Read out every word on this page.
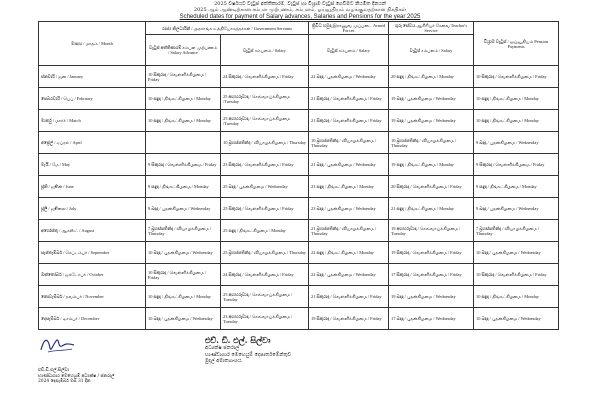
2025 වර්ෂයට වැටුප් අත්තිකාරම්, වැටුප් හා විශ්‍රාම වැටුප් ගෙවීමට නියමිත දිනයන්
2025 ஆம் ஆண்டிற்கான சம்பள முற்பணம், சம்பளம், ஓய்வூதியம் வழங்குவதற்கான திகதிகள்
Scheduled dates for payment of Salary advances, Salaries and Pensions for the year 2025
මාසය / மாதம் / Month	රාජ්‍ය නිලධාරීන් / அரசாங்க உத்தியோகத்தர்கள் / Government Servants		ත්‍රිවිධ හමුදා இராணுவ முப்படை Armed Forces	ගුරු සේවය ஆசிரியர் சேவை Teacher's Service	විශ්‍රාම වැටුප් / ஓய்வூதியம் Pension Payments
	වැටුප් අත්තිකාරම් சம்பள முற்பணம் / Salary Advance	වැටුප් சம்பளம் / Salary	වැටුප් சம்பளம் / Salary	වැටුප් சம்பளம் / Salary	
ජනවාරි / ஜன / January	10 සිකුරාදා / வெள்ளிக்கிழமை / Friday	24 සිකුරාදා / வெள்ளிக்கிழமை / Friday	22 බදාදා / புதன்கிழமை / Wednesday	20 සඳුදා / திங்கட்கிழமை / Monday	10 සිකුරාදා / வெள்ளிக்கிழமை / Friday
පෙබරවාරි / பெப் / February	10 සඳුදා / திங்கட்கிழமை / Monday	25 අඟහරුවාදා / செவ்வாய்க்கிழமை /Tuesday	21 සිකුරාදා / வெள்ளிக்கிழமை / Friday	19 බදාදා / புதன்கிழமை / Wednesday	10 සඳුදා / திங்கட்கிழமை / Monday
මාර්තු / மார்ச் / March	10 සඳුදා / திங்கட்கிழமை / Monday	25 අඟහරුවාදා / செவ்வாய்க்கிழமை /Tuesday	21 සිකුරාදා / வெள்ளிக்கிழமை / Friday	19 බදාදා / புதன்கிழமை / Wednesday	10 සඳුදා / திங்கட்கிழமை / Monday
අප්‍රේල් / ஏப்ரல் / April		10 බ්‍රහස්පතින්දා / வியாழக்கிழமை / Thursday	10 බ්‍රහස්පතින්දා / வியாழக்கிழமை / Thursday	10 බ්‍රහස්පතින්දා / வியாழக்கிழமை / Thursday	9 බදාදා / புதன்கிழமை / Wednesday
මැයි / மே / May	9 සිකුරාදා / வெள்ளிக்கிழமை / Friday	23 සිකුරාදා / வெள்ளிக்கிழமை / Friday	21 බදාදා / புதன்கிழமை / Wednesday	19 සඳුදා / திங்கட்கிழமை / Monday	9 සිකුරාදා / வெள்ளிக்கிழமை / Friday
ජූනි / ஜூன் / June	9 සඳුදා / திங்கட்கிழமை / Monday	25 බදාදා / புதன்கிழமை / Wednesday	23 සඳුදා / திங்கட்கிழமை / Monday	20 සිකුරාදා / வெள்ளிக்கிழமை / Friday	9 සඳුදා / திங்கட்கிழமை / Monday
ජූලි / ஜூலை / July	9 බදාදා / புதன்கிழமை / Wednesday	25 සිකුරාදා / வெள்ளிக்கிழமை / Friday	23 බදාදා / புதன்கிழமை / Wednesday	21 සඳුදා / திங்கட்கிழமை / Monday	9 බදාදා / புதன்கிழமை / Wednesday
අගෝස්තු / ஆகஸ்ட் / August	7 බ්‍රහස්පතින්දා / வியாழக்கிழமை / Thursday	25 සඳුදා / திங்கட்கிழமை / Monday	21 බ්‍රහස්පතින්දා / வியாழக்கிழமை / Thursday	19 අඟහරුවාදා / செவ்வாய்க்கிழமை / Tuesday	7 බ්‍රහස්පතින්දා / வியாழக்கிழமை / Thursday
සැප්තැම්බර් / செப்டம்பர் / September	10 බදාදා / புதன்கிழமை / Wednesday	25 බ්‍රහස්පතින්දා / வியாழக்கிழமை / Thursday	22 සඳුදා / திங்கட்கிழமை / Monday	19 සිකුරාදා / வெள்ளிக்கிழமை / Friday	10 බදාදා / புதன்கிழமை / Wednesday
ඔක්තෝබර් / ஒக்டோபர் / October	10 සිකුරාදා / வெள்ளிக்கிழமை / Friday	24 සිකුරාදා / வெள்ளிக்கிழமை / Friday	22 බදාදා / புதன்கிழமை / Wednesday	17 සිකුරාදා / வெள்ளிக்கிழமை / Friday	10 සිකුරාදා / வெள்ளிக்கிழமை / Friday
නොවැම්බර් / நவம்பர் / November	10 සඳුදා / திங்கட்கிழமை / Monday	25 අඟහරුවාදා / செவ்வாய்க்கிழமை / Tuesday	21 සිකුරාදා / வெள்ளிக்கிழமை / Friday	19 බදාදා / புதன்கிழமை / Wednesday	10 සඳුදා / திங்கட்கிழமை / Monday
දෙසැම්බර් / டிசம்பர் / December	10 බදාදා / புதன்கிழமை / Wednesday	23 අඟහරුවාදා / செவ்வாய்க்கிழமை / Tuesday	19 සිකුරාදා / வெள்ளிக்கிழமை / Friday	17 බදාදා / புதன்கிழமை / Wednesday	10 බදාදා / புதன்கிழமை / Wednesday
එච්.ඩී.එල්.සිල්වා
භාණ්ඩාගාර මෙහෙයුම් අධ්‍යක්ෂ / ජනරාල්
2024 දෙසැම්බර් මස 31 දින
එච්. ඩී. එල්. සිල්වා
අධ්‍යක්ෂ ජනරාල්
භාණ්ඩාගාර මෙහෙයුම් දෙපාර්තමේන්තුව
මුදල් අමාත්‍යාංශය.
